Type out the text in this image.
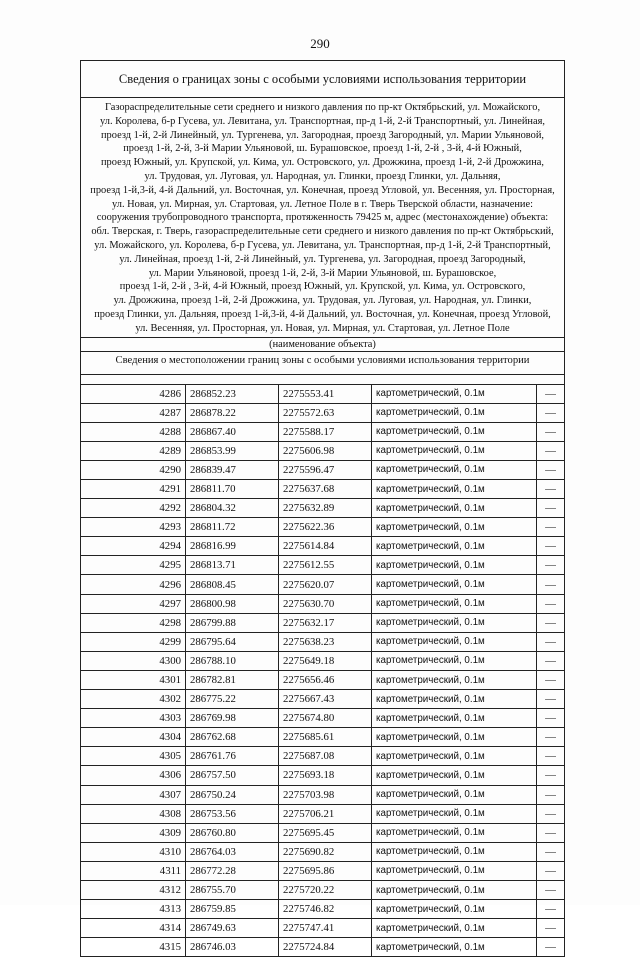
290
Сведения о границах зоны с особыми условиями использования территории
Газораспределительные сети среднего и низкого давления по пр-кт Октябрьский, ул. Можайского,
ул. Королева, б-р Гусева, ул. Левитана, ул. Транспортная, пр-д 1-й, 2-й Транспортный, ул. Линейная,
проезд 1-й, 2-й Линейный, ул. Тургенева, ул. Загородная, проезд Загородный, ул. Марии Ульяновой,
проезд 1-й, 2-й, 3-й Марии Ульяновой, ш. Бурашовское, проезд 1-й, 2-й , 3-й, 4-й Южный,
проезд Южный, ул. Крупской, ул. Кима, ул. Островского, ул. Дрожжина, проезд 1-й, 2-й Дрожжина,
ул. Трудовая, ул. Луговая, ул. Народная, ул. Глинки, проезд Глинки, ул. Дальняя,
проезд 1-й,3-й, 4-й Дальний, ул. Восточная, ул. Конечная, проезд Угловой, ул. Весенняя, ул. Просторная,
ул. Новая, ул. Мирная, ул. Стартовая, ул. Летное Поле в г. Тверь Тверской области, назначение:
сооружения трубопроводного транспорта, протяженность 79425 м, адрес (местонахождение) объекта:
обл. Тверская, г. Тверь, газораспределительные сети среднего и низкого давления по пр-кт Октябрьский,
ул. Можайского, ул. Королева, б-р Гусева, ул. Левитана, ул. Транспортная, пр-д 1-й, 2-й Транспортный,
ул. Линейная, проезд 1-й, 2-й Линейный, ул. Тургенева, ул. Загородная, проезд Загородный,
ул. Марии Ульяновой, проезд 1-й, 2-й, 3-й Марии Ульяновой, ш. Бурашовское,
проезд 1-й, 2-й , 3-й, 4-й Южный, проезд Южный, ул. Крупской, ул. Кима, ул. Островского,
ул. Дрожжина, проезд 1-й, 2-й Дрожжина, ул. Трудовая, ул. Луговая, ул. Народная, ул. Глинки,
проезд Глинки, ул. Дальняя, проезд 1-й,3-й, 4-й Дальний, ул. Восточная, ул. Конечная, проезд Угловой,
ул. Весенняя, ул. Просторная, ул. Новая, ул. Мирная, ул. Стартовая, ул. Летное Поле
(наименование объекта)
Сведения о местоположении границ зоны с особыми условиями использования территории
4286	286852.23	2275553.41	картометрический, 0.1м	—
4287	286878.22	2275572.63	картометрический, 0.1м	—
4288	286867.40	2275588.17	картометрический, 0.1м	—
4289	286853.99	2275606.98	картометрический, 0.1м	—
4290	286839.47	2275596.47	картометрический, 0.1м	—
4291	286811.70	2275637.68	картометрический, 0.1м	—
4292	286804.32	2275632.89	картометрический, 0.1м	—
4293	286811.72	2275622.36	картометрический, 0.1м	—
4294	286816.99	2275614.84	картометрический, 0.1м	—
4295	286813.71	2275612.55	картометрический, 0.1м	—
4296	286808.45	2275620.07	картометрический, 0.1м	—
4297	286800.98	2275630.70	картометрический, 0.1м	—
4298	286799.88	2275632.17	картометрический, 0.1м	—
4299	286795.64	2275638.23	картометрический, 0.1м	—
4300	286788.10	2275649.18	картометрический, 0.1м	—
4301	286782.81	2275656.46	картометрический, 0.1м	—
4302	286775.22	2275667.43	картометрический, 0.1м	—
4303	286769.98	2275674.80	картометрический, 0.1м	—
4304	286762.68	2275685.61	картометрический, 0.1м	—
4305	286761.76	2275687.08	картометрический, 0.1м	—
4306	286757.50	2275693.18	картометрический, 0.1м	—
4307	286750.24	2275703.98	картометрический, 0.1м	—
4308	286753.56	2275706.21	картометрический, 0.1м	—
4309	286760.80	2275695.45	картометрический, 0.1м	—
4310	286764.03	2275690.82	картометрический, 0.1м	—
4311	286772.28	2275695.86	картометрический, 0.1м	—
4312	286755.70	2275720.22	картометрический, 0.1м	—
4313	286759.85	2275746.82	картометрический, 0.1м	—
4314	286749.63	2275747.41	картометрический, 0.1м	—
4315	286746.03	2275724.84	картометрический, 0.1м	—
